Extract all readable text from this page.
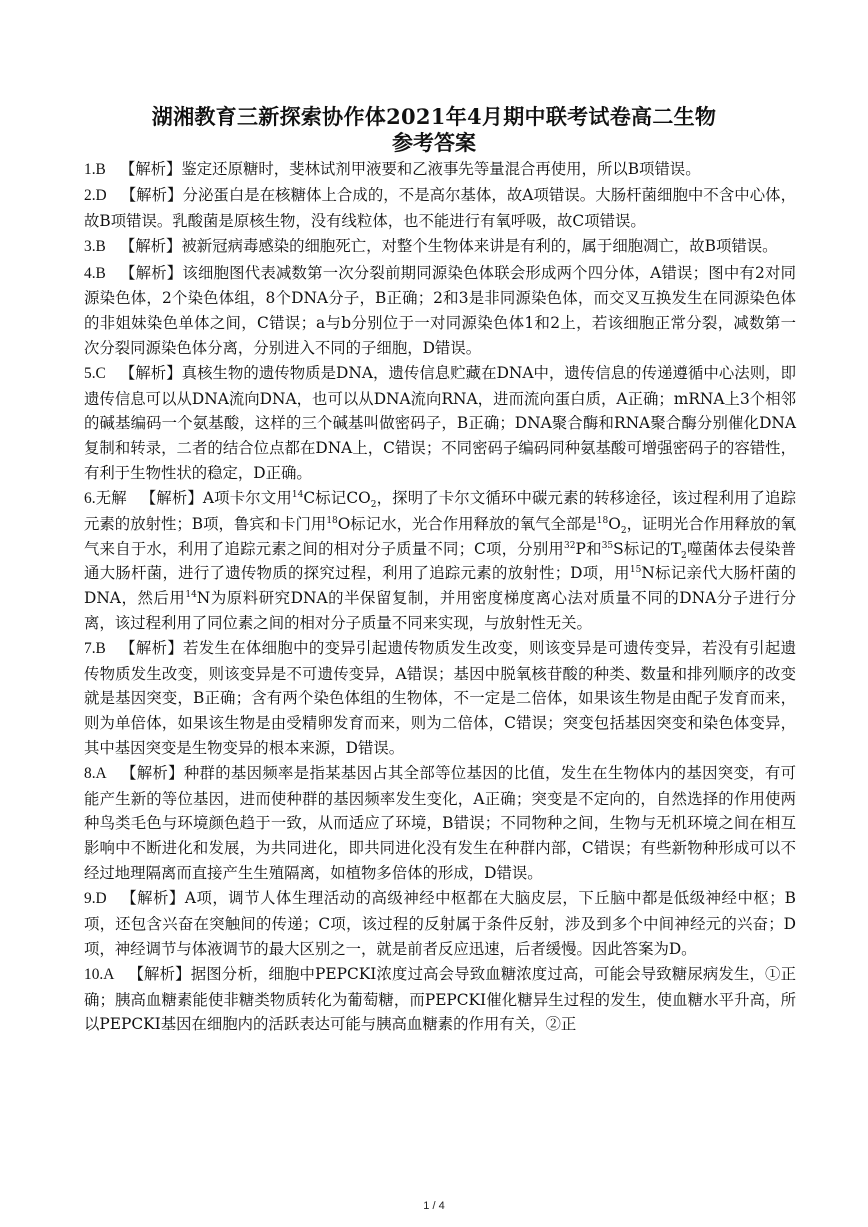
湖湘教育三新探索协作体2021年4月期中联考试卷高二生物

参考答案

1.B 【解析】鉴定还原糖时，斐林试剂甲液要和乙液事先等量混合再使用，所以B项错误。

2.D 【解析】分泌蛋白是在核糖体上合成的，不是高尔基体，故A项错误。大肠杆菌细胞中不含中心体，故B项错误。乳酸菌是原核生物，没有线粒体，也不能进行有氧呼吸，故C项错误。

3.B 【解析】被新冠病毒感染的细胞死亡，对整个生物体来讲是有利的，属于细胞凋亡，故B项错误。

4.B 【解析】该细胞图代表减数第一次分裂前期同源染色体联会形成两个四分体，A错误；图中有2对同源染色体，2个染色体组，8个DNA分子，B正确；2和3是非同源染色体，而交叉互换发生在同源染色体的非姐妹染色单体之间，C错误；a与b分别位于一对同源染色体1和2上，若该细胞正常分裂，减数第一次分裂同源染色体分离，分别进入不同的子细胞，D错误。

5.C 【解析】真核生物的遗传物质是DNA，遗传信息贮藏在DNA中，遗传信息的传递遵循中心法则，即遗传信息可以从DNA流向DNA，也可以从DNA流向RNA，进而流向蛋白质，A正确；mRNA上3个相邻的碱基编码一个氨基酸，这样的三个碱基叫做密码子，B正确；DNA聚合酶和RNA聚合酶分别催化DNA复制和转录，二者的结合位点都在DNA上，C错误；不同密码子编码同种氨基酸可增强密码子的容错性，有利于生物性状的稳定，D正确。

6.无解 【解析】A项卡尔文用$^{14}$C标记$CO_2$，探明了卡尔文循环中碳元素的转移途径，该过程利用了追踪元素的放射性；B项，鲁宾和卡门用$^{18}$O标记水，光合作用释放的氧气全部是$^{18}O_2$，证明光合作用释放的氧气来自于水，利用了追踪元素之间的相对分子质量不同；C项，分别用$^{32}$P和$^{35}$S标记的$T_2$噬菌体去侵染普通大肠杆菌，进行了遗传物质的探究过程，利用了追踪元素的放射性；D项，用$^{15}$N标记亲代大肠杆菌的DNA，然后用$^{14}$N为原料研究DNA的半保留复制，并用密度梯度离心法对质量不同的DNA分子进行分离，该过程利用了同位素之间的相对分子质量不同来实现，与放射性无关。

7.B 【解析】若发生在体细胞中的变异引起遗传物质发生改变，则该变异是可遗传变异，若没有引起遗传物质发生改变，则该变异是不可遗传变异，A错误；基因中脱氧核苷酸的种类、数量和排列顺序的改变就是基因突变，B正确；含有两个染色体组的生物体，不一定是二倍体，如果该生物是由配子发育而来，则为单倍体，如果该生物是由受精卵发育而来，则为二倍体，C错误；突变包括基因突变和染色体变异，其中基因突变是生物变异的根本来源，D错误。

8.A 【解析】种群的基因频率是指某基因占其全部等位基因的比值，发生在生物体内的基因突变，有可能产生新的等位基因，进而使种群的基因频率发生变化，A正确；突变是不定向的，自然选择的作用使两种鸟类毛色与环境颜色趋于一致，从而适应了环境，B错误；不同物种之间，生物与无机环境之间在相互影响中不断进化和发展，为共同进化，即共同进化没有发生在种群内部，C错误；有些新物种形成可以不经过地理隔离而直接产生生殖隔离，如植物多倍体的形成，D错误。

9.D 【解析】A项，调节人体生理活动的高级神经中枢都在大脑皮层，下丘脑中都是低级神经中枢；B项，还包含兴奋在突触间的传递；C项，该过程的反射属于条件反射，涉及到多个中间神经元的兴奋；D项，神经调节与体液调节的最大区别之一，就是前者反应迅速，后者缓慢。因此答案为D。

10.A 【解析】据图分析，细胞中PEPCKI浓度过高会导致血糖浓度过高，可能会导致糖尿病发生，①正确；胰高血糖素能使非糖类物质转化为葡萄糖，而PEPCKI催化糖异生过程的发生，使血糖水平升高，所以PEPCKI基因在细胞内的活跃表达可能与胰高血糖素的作用有关，②正

1 / 4
